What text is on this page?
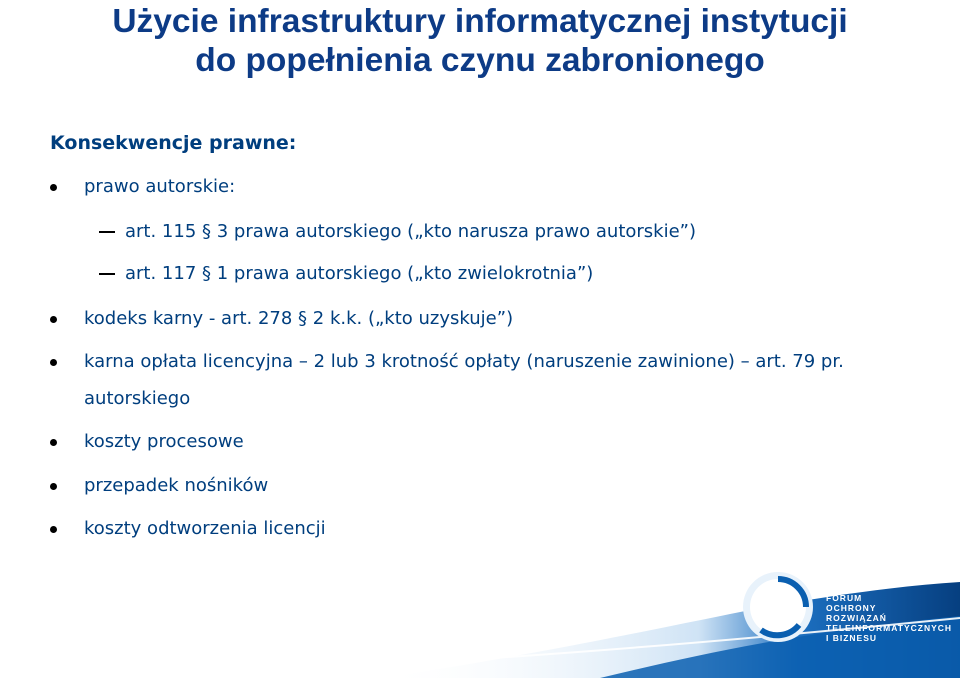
Użycie infrastruktury informatycznej instytucji
do popełnienia czynu zabronionego
Konsekwencje prawne:
prawo autorskie:
art. 115 § 3 prawa autorskiego („kto narusza prawo autorskie”)
art. 117 § 1 prawa autorskiego („kto zwielokrotnia”)
kodeks karny - art. 278 § 2 k.k. („kto uzyskuje”)
karna opłata licencyjna – 2 lub 3 krotność opłaty (naruszenie zawinione) – art. 79 pr.
autorskiego
koszty procesowe
przepadek nośników
koszty odtworzenia licencji
FORUM
OCHRONY
ROZWIĄZAŃ
TELEINFORMATYCZNYCH
I BIZNESU
